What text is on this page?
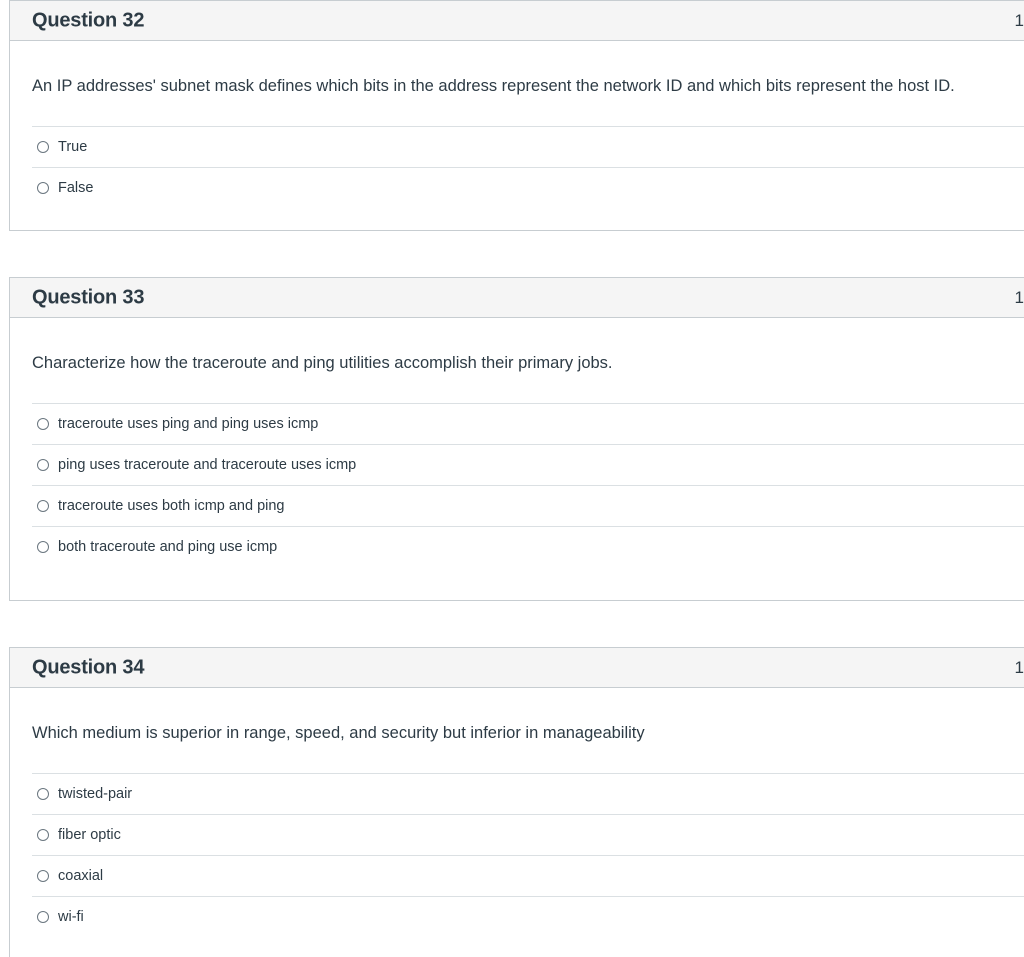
Question 32	1

An IP addresses' subnet mask defines which bits in the address represent the network ID and which bits represent the host ID.

True
False
Question 33	1

Characterize how the traceroute and ping utilities accomplish their primary jobs.

traceroute uses ping and ping uses icmp
ping uses traceroute and traceroute uses icmp
traceroute uses both icmp and ping
both traceroute and ping use icmp
Question 34	1

Which medium is superior in range, speed, and security but inferior in manageability

twisted-pair
fiber optic
coaxial
wi-fi
